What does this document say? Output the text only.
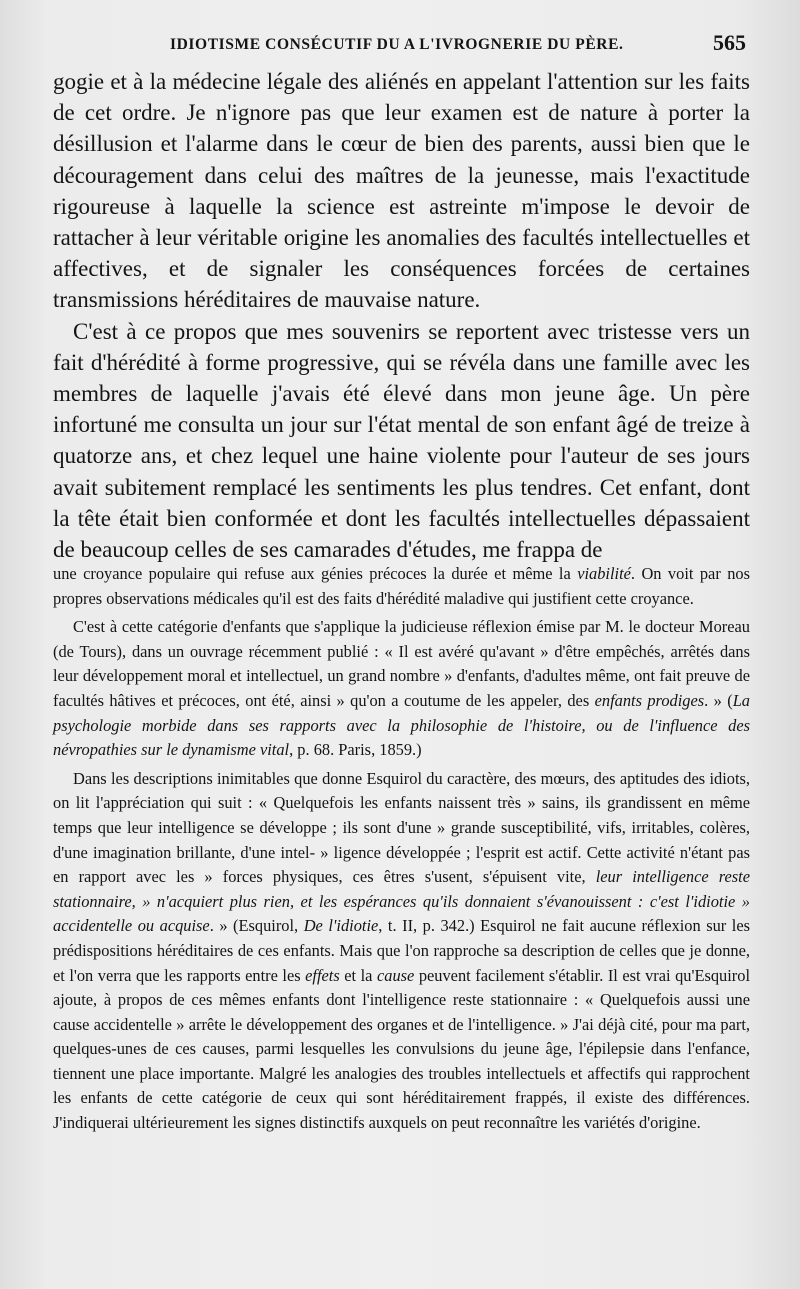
IDIOTISME CONSÉCUTIF DU A L'IVROGNERIE DU PÈRE.	565

gogie et à la médecine légale des aliénés en appelant l'attention sur les faits de cet ordre. Je n'ignore pas que leur examen est de nature à porter la désillusion et l'alarme dans le cœur de bien des parents, aussi bien que le découragement dans celui des maîtres de la jeunesse, mais l'exactitude rigoureuse à laquelle la science est astreinte m'impose le devoir de rattacher à leur véritable origine les anomalies des facultés intellectuelles et affectives, et de signaler les conséquences forcées de certaines transmissions héréditaires de mauvaise nature.

C'est à ce propos que mes souvenirs se reportent avec tristesse vers un fait d'hérédité à forme progressive, qui se révéla dans une famille avec les membres de laquelle j'avais été élevé dans mon jeune âge. Un père infortuné me consulta un jour sur l'état mental de son enfant âgé de treize à quatorze ans, et chez lequel une haine violente pour l'auteur de ses jours avait subitement remplacé les sentiments les plus tendres. Cet enfant, dont la tête était bien conformée et dont les facultés intellectuelles dépassaient de beaucoup celles de ses camarades d'études, me frappa de

une croyance populaire qui refuse aux génies précoces la durée et même la viabilité. On voit par nos propres observations médicales qu'il est des faits d'hérédité maladive qui justifient cette croyance.

C'est à cette catégorie d'enfants que s'applique la judicieuse réflexion émise par M. le docteur Moreau (de Tours), dans un ouvrage récemment publié : « Il est avéré qu'avant » d'être empêchés, arrêtés dans leur développement moral et intellectuel, un grand nombre » d'enfants, d'adultes même, ont fait preuve de facultés hâtives et précoces, ont été, ainsi » qu'on a coutume de les appeler, des enfants prodiges. » (La psychologie morbide dans ses rapports avec la philosophie de l'histoire, ou de l'influence des névropathies sur le dynamisme vital, p. 68. Paris, 1859.)

Dans les descriptions inimitables que donne Esquirol du caractère, des mœurs, des aptitudes des idiots, on lit l'appréciation qui suit : « Quelquefois les enfants naissent très » sains, ils grandissent en même temps que leur intelligence se développe ; ils sont d'une » grande susceptibilité, vifs, irritables, colères, d'une imagination brillante, d'une intel- » ligence développée ; l'esprit est actif. Cette activité n'étant pas en rapport avec les » forces physiques, ces êtres s'usent, s'épuisent vite, leur intelligence reste stationnaire, » n'acquiert plus rien, et les espérances qu'ils donnaient s'évanouissent : c'est l'idiotie » accidentelle ou acquise. » (Esquirol, De l'idiotie, t. II, p. 342.) Esquirol ne fait aucune réflexion sur les prédispositions héréditaires de ces enfants. Mais que l'on rapproche sa description de celles que je donne, et l'on verra que les rapports entre les effets et la cause peuvent facilement s'établir. Il est vrai qu'Esquirol ajoute, à propos de ces mêmes enfants dont l'intelligence reste stationnaire : « Quelquefois aussi une cause accidentelle » arrête le développement des organes et de l'intelligence. » J'ai déjà cité, pour ma part, quelques-unes de ces causes, parmi lesquelles les convulsions du jeune âge, l'épilepsie dans l'enfance, tiennent une place importante. Malgré les analogies des troubles intellectuels et affectifs qui rapprochent les enfants de cette catégorie de ceux qui sont héréditairement frappés, il existe des différences. J'indiquerai ultérieurement les signes distinctifs auxquels on peut reconnaître les variétés d'origine.
